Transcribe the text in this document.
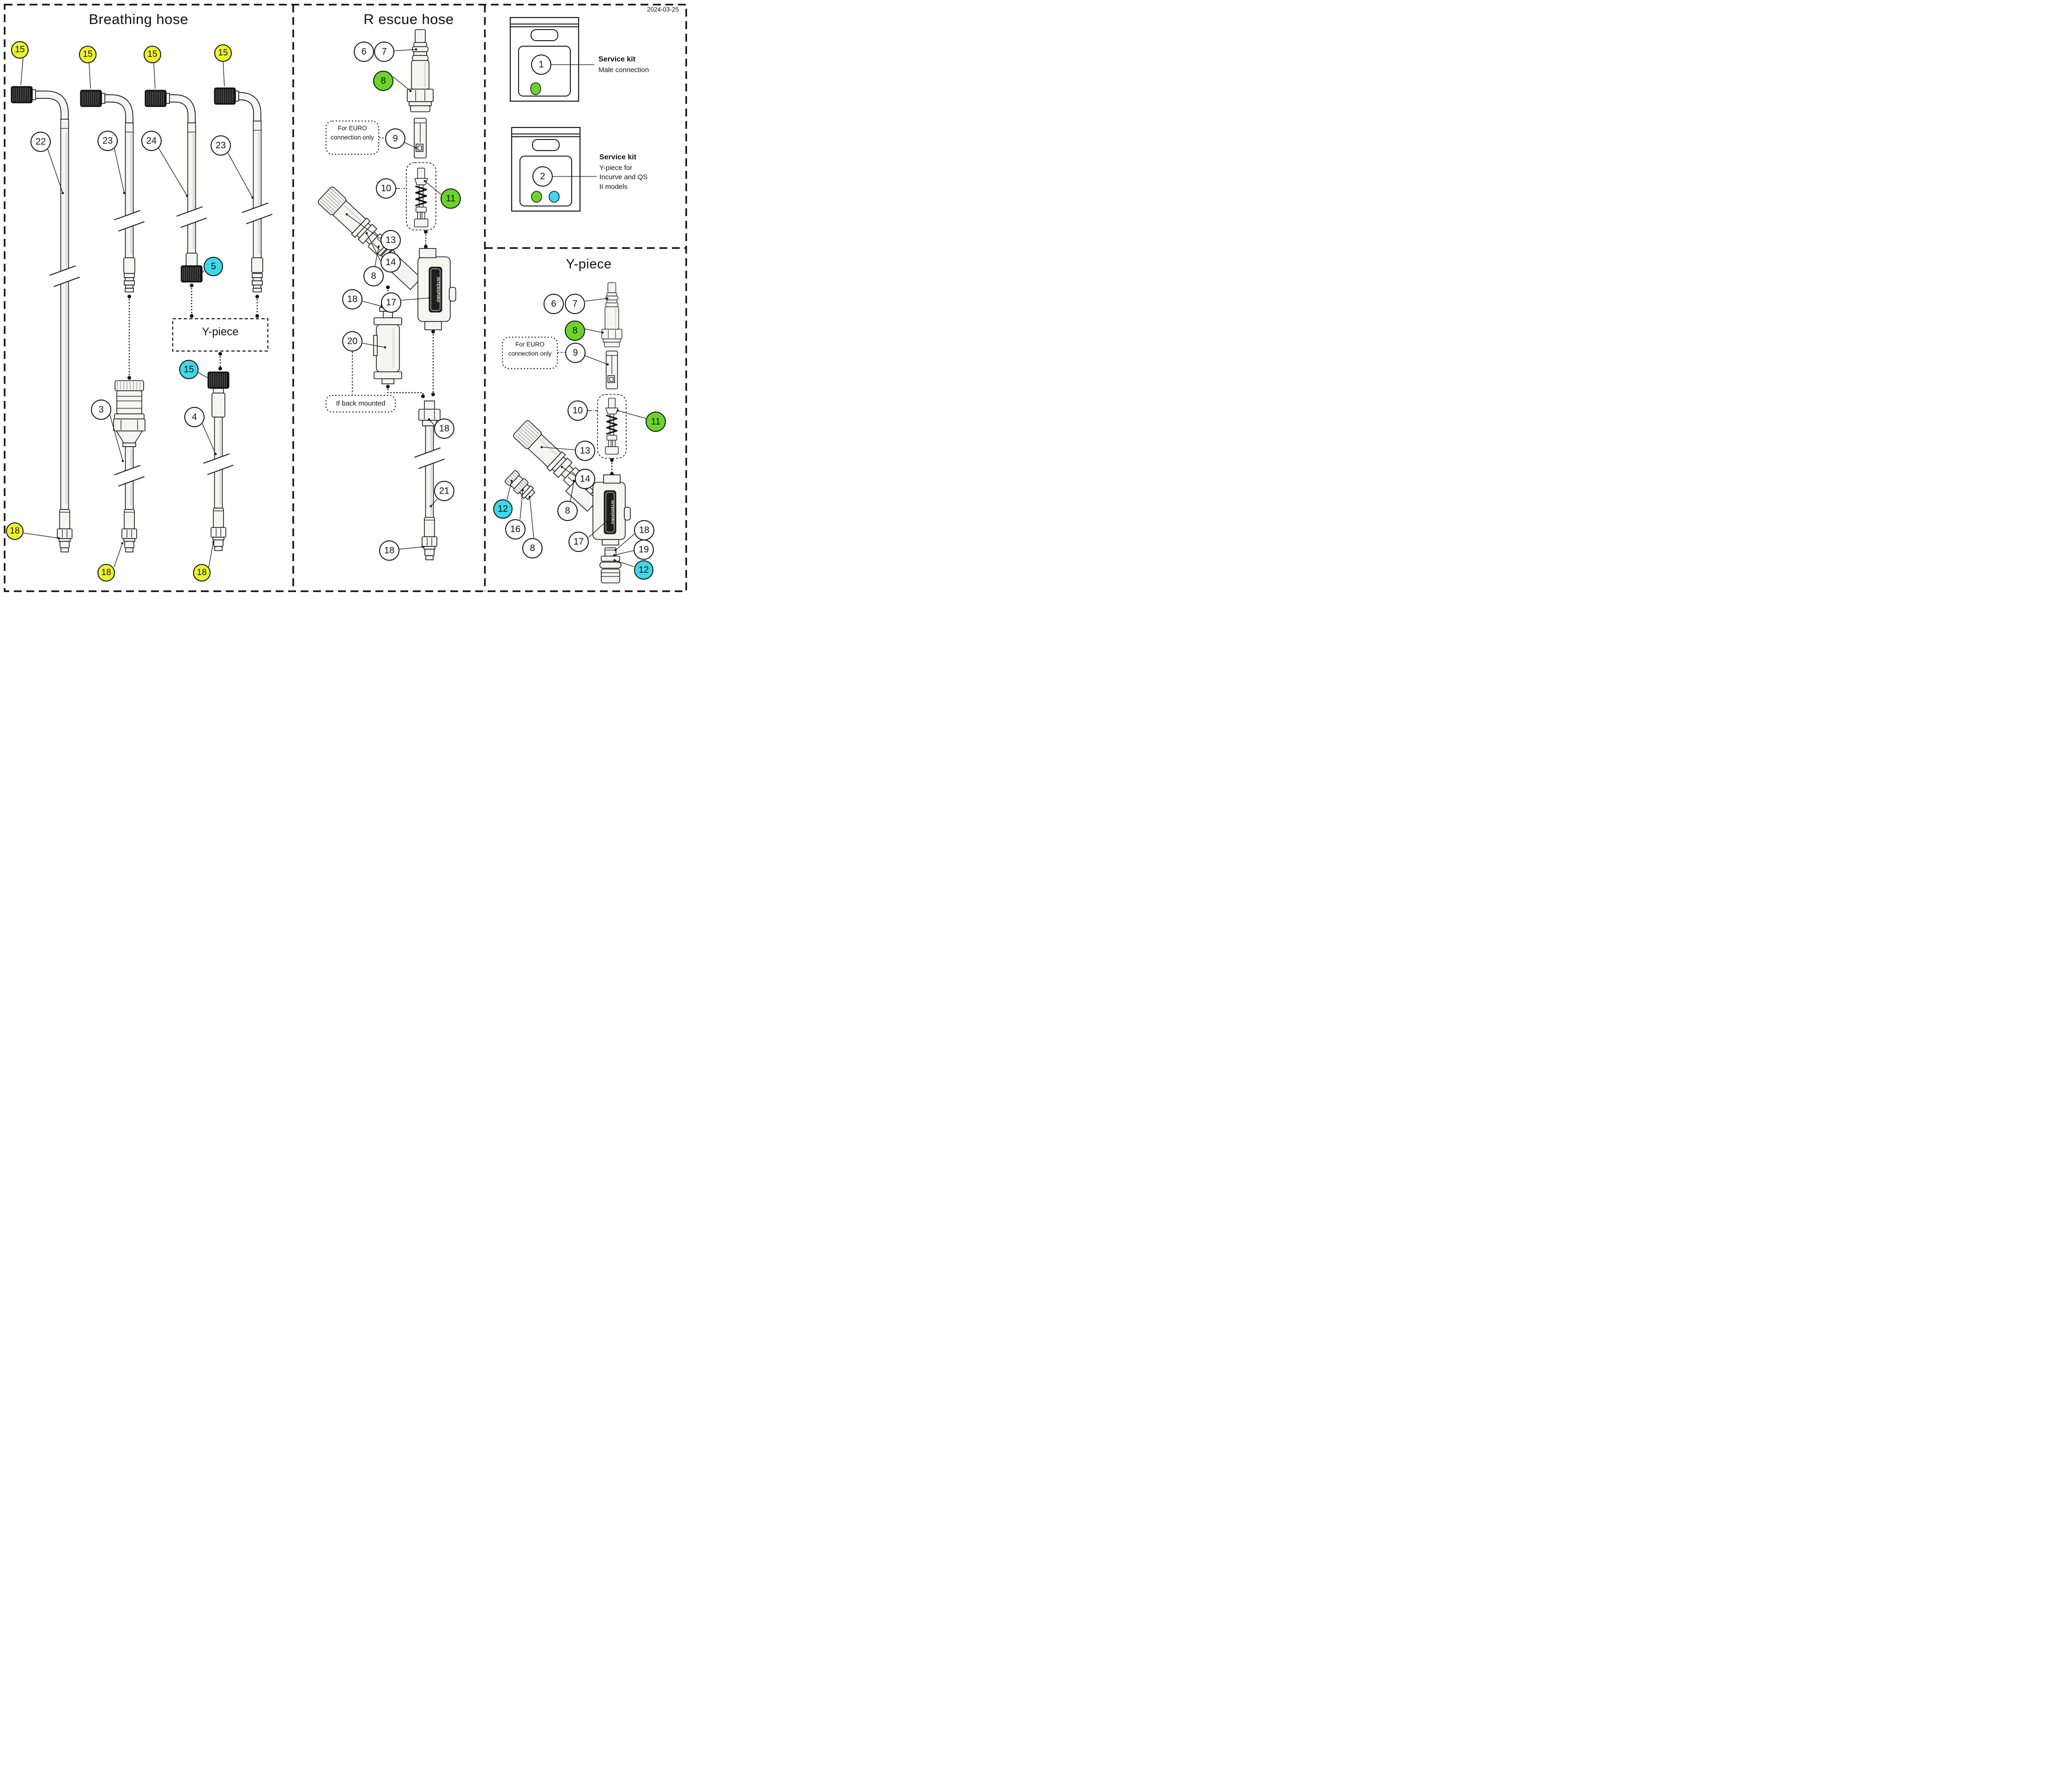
INTERSPIRO
INTERSPIRO
2024-03-25
Breathing hose	R escue hose
Y-piece
Y-piece
For EURO connection only
If back mounted
For EURO connection only
Service kit
Male connection
Service kit
Y-piece for Incurve and QS II models
15	15	15	15
22	23	24	23
5
15
3
4
18
18	18
6 7
8
9
10
11
13
14
8
17
18
20
18
21
18
1
2
6 7
8
9
10
11
13
14
12
16
8
8
17
18
19
12
